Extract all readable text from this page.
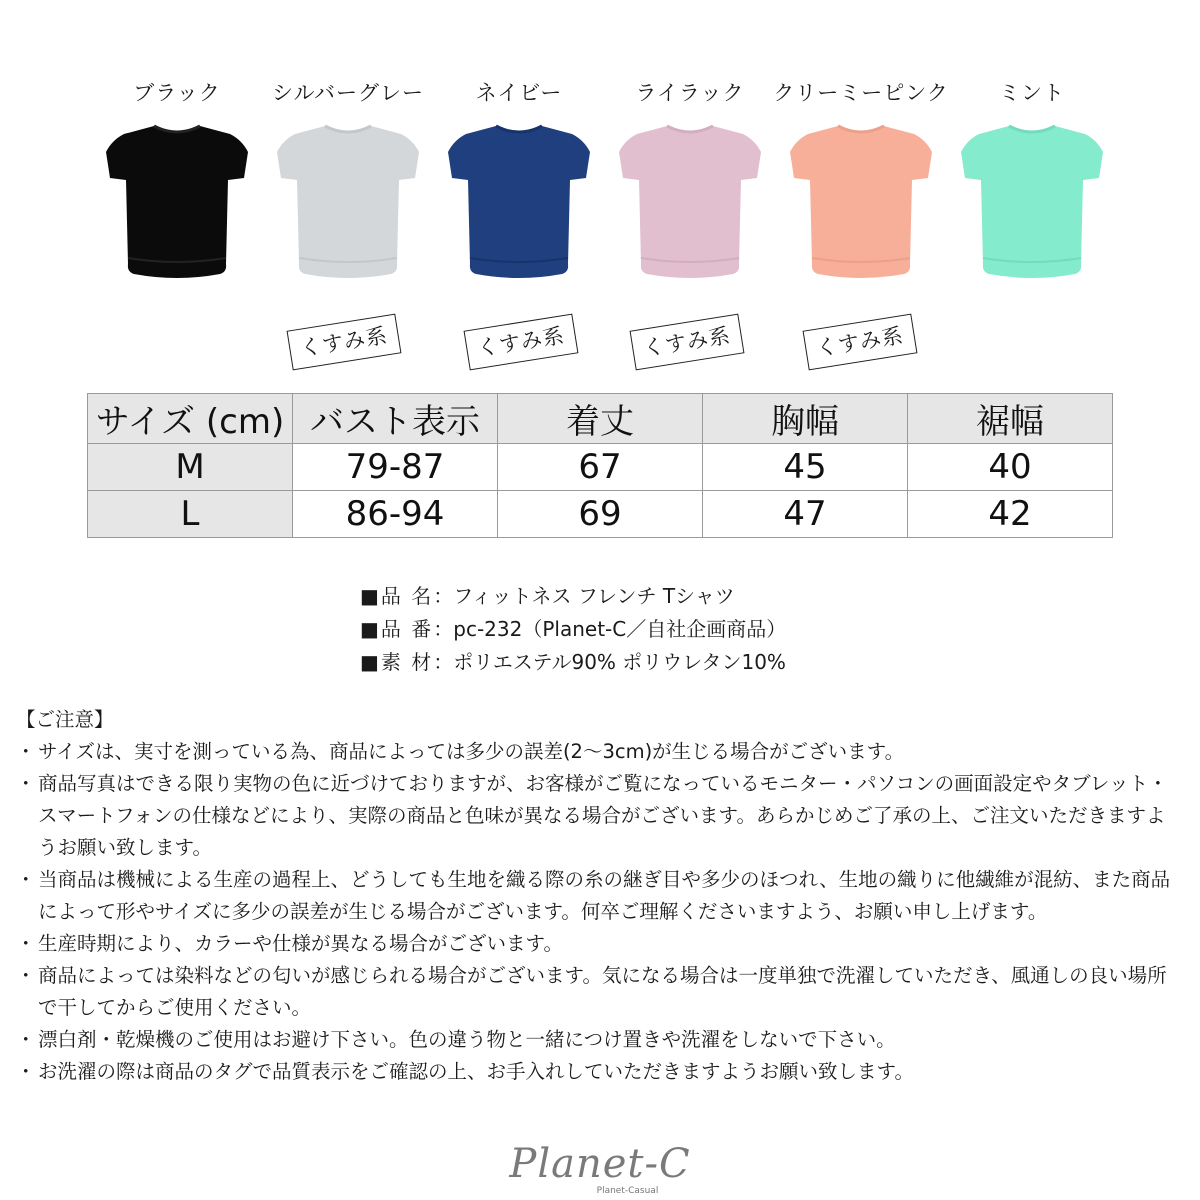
ブラック	シルバーグレー	ネイビー	ライラック	クリーミーピンク	ミント
くすみ系	くすみ系	くすみ系	くすみ系
サイズ (cm)	バスト表示	着丈	胸幅	裾幅
M	79-87	67	45	40
L	86-94	69	47	42
■品 名：フィットネス フレンチ Tシャツ
■品 番：pc-232（Planet-C／自社企画商品）
■素 材：ポリエステル90% ポリウレタン10%

【ご注意】

・ サイズは、実寸を測っている為、商品によっては多少の誤差(2〜3cm)が生じる場合がございます。
・ 商品写真はできる限り実物の色に近づけておりますが、お客様がご覧になっているモニター・パソコンの画面設定やタブレット・スマートフォンの仕様などにより、実際の商品と色味が異なる場合がございます。あらかじめご了承の上、ご注文いただきますようお願い致します。
・ 当商品は機械による生産の過程上、どうしても生地を織る際の糸の継ぎ目や多少のほつれ、生地の織りに他繊維が混紡、また商品によって形やサイズに多少の誤差が生じる場合がございます。何卒ご理解くださいますよう、お願い申し上げます。
・ 生産時期により、カラーや仕様が異なる場合がございます。
・ 商品によっては染料などの匂いが感じられる場合がございます。気になる場合は一度単独で洗濯していただき、風通しの良い場所で干してからご使用ください。
・ 漂白剤・乾燥機のご使用はお避け下さい。色の違う物と一緒につけ置きや洗濯をしないで下さい。
・ お洗濯の際は商品のタグで品質表示をご確認の上、お手入れしていただきますようお願い致します。
Planet-C
Planet-Casual
